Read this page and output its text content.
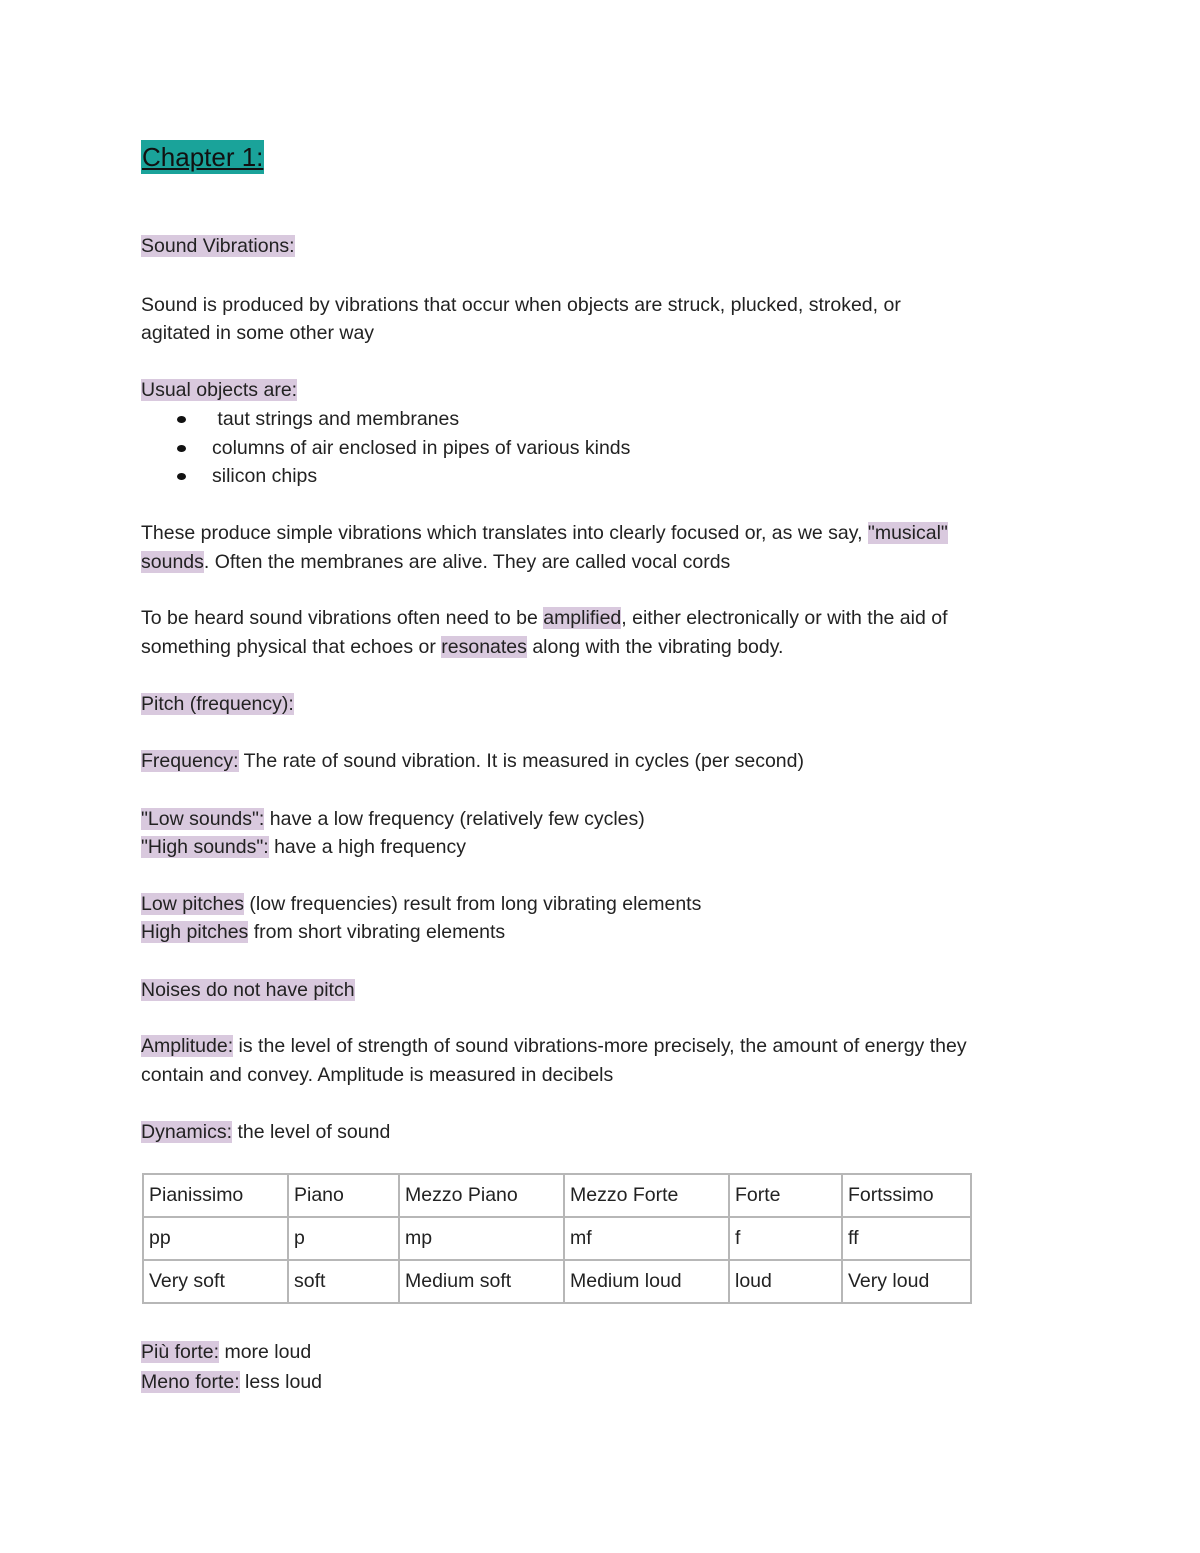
Chapter 1:
Sound Vibrations:
Sound is produced by vibrations that occur when objects are struck, plucked, stroked, or
agitated in some other way
Usual objects are:
taut strings and membranes
columns of air enclosed in pipes of various kinds
silicon chips
These produce simple vibrations which translates into clearly focused or, as we say, "musical"
sounds. Often the membranes are alive. They are called vocal cords
To be heard sound vibrations often need to be amplified, either electronically or with the aid of
something physical that echoes or resonates along with the vibrating body.
Pitch (frequency):
Frequency: The rate of sound vibration. It is measured in cycles (per second)
"Low sounds": have a low frequency (relatively few cycles)
"High sounds": have a high frequency
Low pitches (low frequencies) result from long vibrating elements
High pitches from short vibrating elements
Noises do not have pitch
Amplitude: is the level of strength of sound vibrations-more precisely, the amount of energy they
contain and convey. Amplitude is measured in decibels
Dynamics: the level of sound
Pianissimo	Piano	Mezzo Piano	Mezzo Forte	Forte	Fortssimo
pp	p	mp	mf	f	ff
Very soft	soft	Medium soft	Medium loud	loud	Very loud
Più forte: more loud
Meno forte: less loud
